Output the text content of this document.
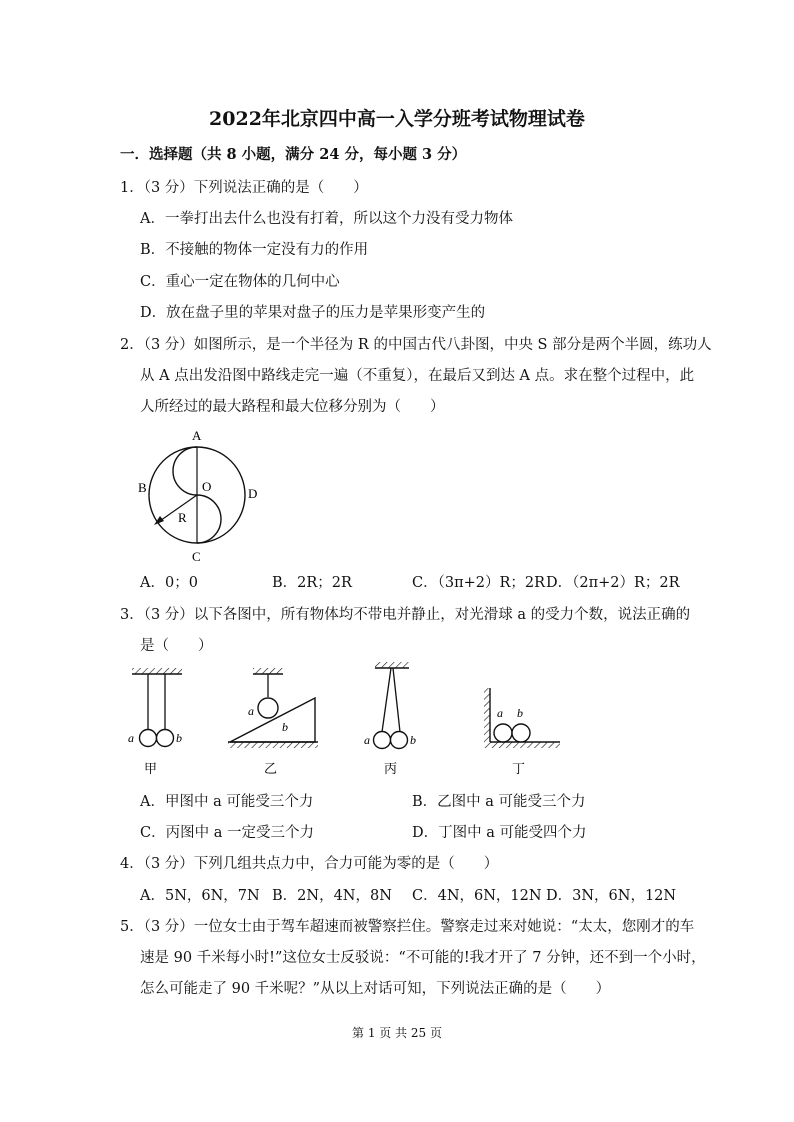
2022年北京四中高一入学分班考试物理试卷
一．选择题（共 8 小题，满分 24 分，每小题 3 分）
1．（3 分）下列说法正确的是（　　）
A．一拳打出去什么也没有打着，所以这个力没有受力物体
B．不接触的物体一定没有力的作用
C．重心一定在物体的几何中心
D．放在盘子里的苹果对盘子的压力是苹果形变产生的
2．（3 分）如图所示，是一个半径为 R 的中国古代八卦图，中央 S 部分是两个半圆，练功人
从 A 点出发沿图中路线走完一遍（不重复），在最后又到达 A 点。求在整个过程中，此
人所经过的最大路程和最大位移分别为（　　）
A
B
C
D
O
R
A．0；0	B．2R；2R	C．（3π+2）R；2R D．（2π+2）R；2R
3．（3 分）以下各图中，所有物体均不带电并静止，对光滑球 a 的受力个数，说法正确的
是（　　）
a	b
甲
a
b
乙
a	b
丙
a b
丁
A．甲图中 a 可能受三个力	B．乙图中 a 可能受三个力
C．丙图中 a 一定受三个力	D．丁图中 a 可能受四个力
4．（3 分）下列几组共点力中，合力可能为零的是（　　）
A．5N，6N，7N B．2N，4N，8N C．4N，6N，12N D．3N，6N，12N
5．（3 分）一位女士由于驾车超速而被警察拦住。警察走过来对她说：“太太，您刚才的车
速是 90 千米每小时!”这位女士反驳说：“不可能的!我才开了 7 分钟，还不到一个小时，
怎么可能走了 90 千米呢？”从以上对话可知，下列说法正确的是（　　）
第 1 页 共 25 页
